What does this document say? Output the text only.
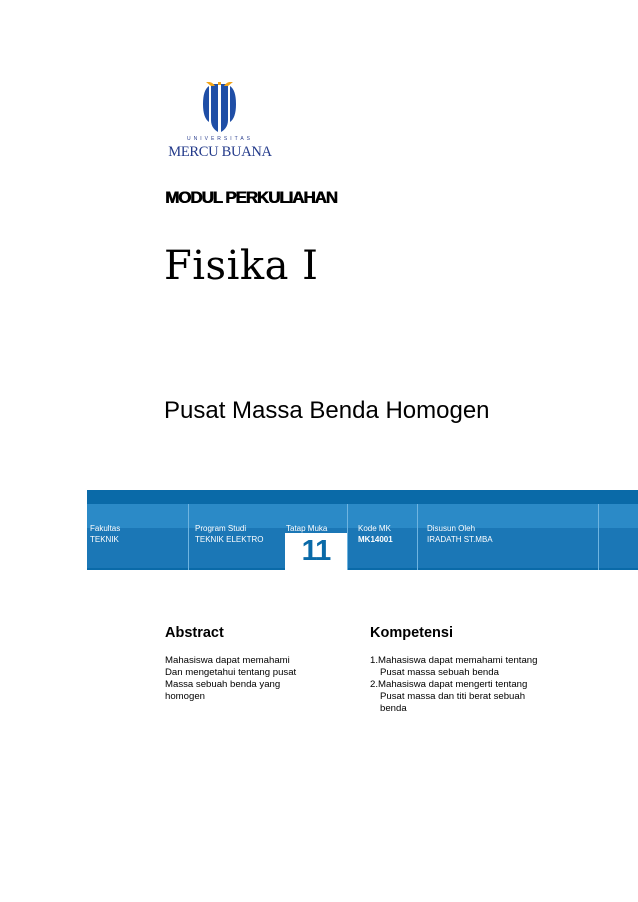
UNIVERSITAS
MERCU BUANA
MODUL PERKULIAHAN
Fisika I
Pusat Massa Benda Homogen
Fakultas
TEKNIK
Program Studi
TEKNIK ELEKTRO
Tatap Muka	Kode MK
MK14001
Disusun Oleh
IRADATH ST.MBA
11
Abstract
Mahasiswa dapat memahami
Dan mengetahui tentang pusat
Massa sebuah benda yang
homogen
Kompetensi
1.Mahasiswa dapat memahami tentang
Pusat massa sebuah benda
2.Mahasiswa dapat mengerti tentang
Pusat massa dan titi berat sebuah
benda
